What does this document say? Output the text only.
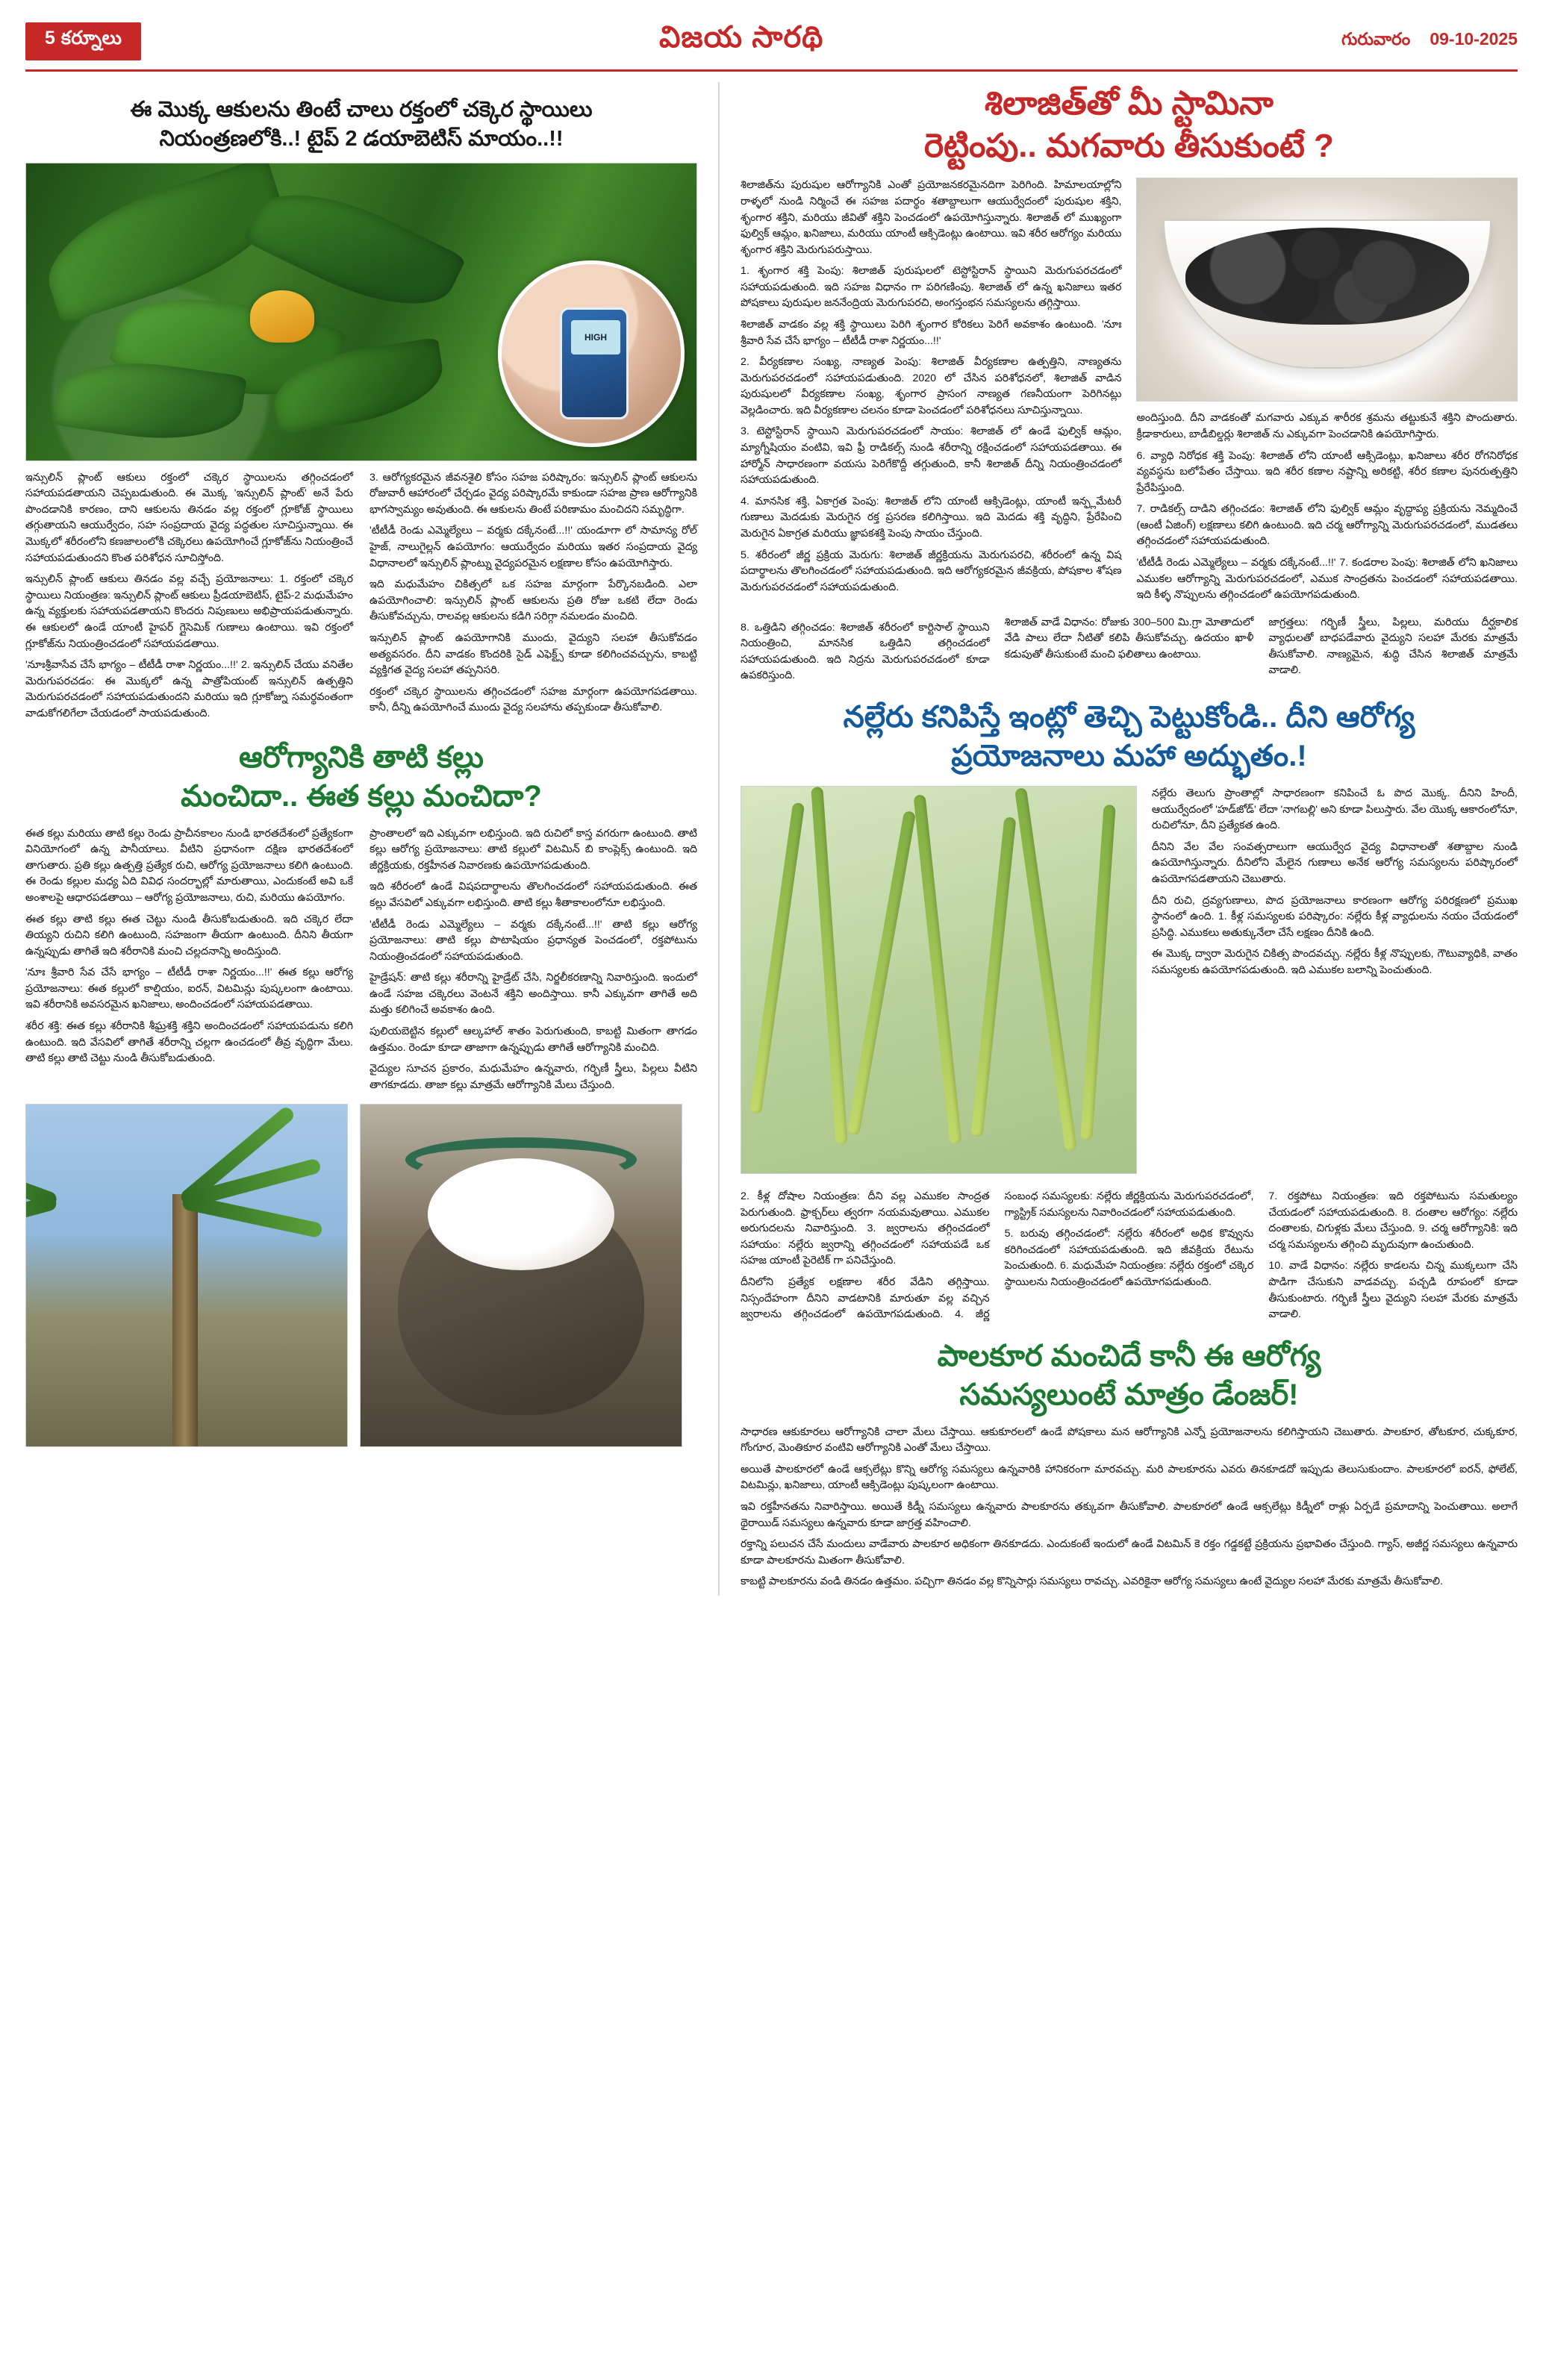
5 కర్నూలు	విజయ సారథి	గురువారం 09-10-2025
ఈ మొక్క ఆకులను తింటే చాలు రక్తంలో చక్కెర స్థాయిలు
నియంత్రణలోకి..! టైప్ 2 డయాబెటిస్ మాయం..!!
HIGH

ఇన్సులిన్ ప్లాంట్ ఆకులు రక్తంలో చక్కెర స్థాయిలను తగ్గించడంలో సహాయపడతాయని చెప్పబడుతుంది. ఈ మొక్క 'ఇన్సులిన్ ప్లాంట్' అనే పేరు పొందడానికి కారణం, దాని ఆకులను తినడం వల్ల రక్తంలో గ్లూకోజ్ స్థాయిలు తగ్గుతాయని ఆయుర్వేదం, సహ సంప్రదాయ వైద్య పద్ధతుల సూచిస్తున్నాయి. ఈ మొక్కలో శరీరంలోని కణజాలంలోకి చక్కెరలు ఉపయోగించే గ్లూకోజ్‌ను నియంత్రించే సహాయపడుతుందని కొంత పరిశోధన సూచిస్తోంది.

ఇన్సులిన్ ప్లాంట్ ఆకులు తినడం వల్ల వచ్చే ప్రయోజనాలు: 1. రక్తంలో చక్కెర స్థాయిలు నియంత్రణ: ఇన్సులిన్ ప్లాంట్ ఆకులు ప్రీడయాబెటిస్, టైప్-2 మధుమేహం ఉన్న వ్యక్తులకు సహాయపడతాయని కొందరు నిపుణులు అభిప్రాయపడుతున్నారు. ఈ ఆకులలో ఉండే యాంటీ హైపర్ గ్లైసెమిక్ గుణాలు ఉంటాయి. ఇవి రక్తంలో గ్లూకోజ్‌ను నియంత్రించడంలో సహాయపడతాయి.

'నూఃశ్రీవాసేవ చేసే భాగ్యం – టీటీడీ రాశా నిర్ణయం...!!' 2. ఇన్సులిన్ చేయు వనితేల మెరుగుపరచడం: ఈ మొక్కలో ఉన్న పాత్రోపియంట్ ఇన్సులిన్ ఉత్పత్తిని మెరుగుపరచడంలో సహాయపడుతుందని మరియు ఇది గ్లూకోజ్ను సమర్థవంతంగా వాడుకోగలిగేలా చేయడంలో సాయపడుతుంది.

3. ఆరోగ్యకరమైన జీవనశైలి కోసం సహజ పరిష్కారం: ఇన్సులిన్ ప్లాంట్ ఆకులను రోజువారీ ఆహారంలో చేర్చడం వైద్య పరిష్కారమే కాకుండా సహజ ప్రాణ ఆరోగ్యానికి భాగస్వామ్యం అవుతుంది. ఈ ఆకులను తింటే పరిణామం మంచిదని సమృద్ధిగా.

'టీటీడీ రెండు ఎమ్మెల్యేలు – వర్మకు దక్కేనంటే...!!' యండూగా లో సామాన్య రోల్ హైజ్, నాలుగైల్లన్ ఉపయోగం: ఆయుర్వేదం మరియు ఇతర సంప్రదాయ వైద్య విధానాలలో ఇన్సులిన్ ప్లాంట్ను వైద్యపరమైన లక్షణాల కోసం ఉపయోగిస్తారు.

ఇది మధుమేహం చికిత్సలో ఒక సహజ మార్గంగా పేర్కొనబడింది. ఎలా ఉపయోగించాలి: ఇన్సులిన్ ప్లాంట్ ఆకులను ప్రతి రోజు ఒకటి లేదా రెండు తీసుకోవచ్చును, రాలవల్ల ఆకులను కడిగి సరిగ్గా నమలడం మంచిది.

ఇన్సులిన్ ప్లాంట్ ఉపయోగానికి ముందు, వైద్యుని సలహా తీసుకోవడం అత్యవసరం. దీని వాడకం కొందరికి సైడ్ ఎఫెక్ట్స్ కూడా కలిగించవచ్చును, కాబట్టి వ్యక్తిగత వైద్య సలహా తప్పనిసరి.

రక్తంలో చక్కెర స్థాయిలను తగ్గించడంలో సహజ మార్గంగా ఉపయోగపడతాయి. కానీ, దీన్ని ఉపయోగించే ముందు వైద్య సలహాను తప్పకుండా తీసుకోవాలి.

ఆరోగ్యానికి తాటి కల్లు
మంచిదా.. ఈత కల్లు మంచిదా?

ఈత కల్లు మరియు తాటి కల్లు రెండు ప్రాచీనకాలం నుండి భారతదేశంలో ప్రత్యేకంగా వినియోగంలో ఉన్న పానీయాలు. వీటిని ప్రధానంగా దక్షిణ భారతదేశంలో తాగుతారు. ప్రతి కల్లు ఉత్పత్తి ప్రత్యేక రుచి, ఆరోగ్య ప్రయోజనాలు కలిగి ఉంటుంది. ఈ రెండు కల్లుల మధ్య ఏది వివిధ సందర్భాల్లో మారుతాయి, ఎందుకంటే అవి ఒకే అంశాలపై ఆధారపడతాయి – ఆరోగ్య ప్రయోజనాలు, రుచి, మరియు ఉపయోగం.

ఈత కల్లు తాటి కల్లు ఈత చెట్టు నుండి తీసుకోబడుతుంది. ఇది చక్కెర లేదా తియ్యని రుచిని కలిగి ఉంటుంది, సహజంగా తీయగా ఉంటుంది. దీనిని తీయగా ఉన్నప్పుడు తాగితే ఇది శరీరానికి మంచి చల్లదనాన్ని అందిస్తుంది.

'నూః శ్రీవారి సేవ చేసే భాగ్యం – టీటీడీ రాశా నిర్ణయం...!!' ఈత కల్లు ఆరోగ్య ప్రయోజనాలు: ఈత కల్లులో కాల్షియం, ఐరన్, విటమిన్లు పుష్కలంగా ఉంటాయి. ఇవి శరీరానికి అవసరమైన ఖనిజాలు, అందించడంలో సహాయపడతాయి.

శరీర శక్తి: ఈత కల్లు శరీరానికి శీఘ్రశక్తి శక్తిని అందించడంలో సహాయపడును కలిగి ఉంటుంది. ఇది వేసవిలో తాగితే శరీరాన్ని చల్లగా ఉంచడంలో తీవ్ర వృద్ధిగా మేలు. తాటి కల్లు తాటి చెట్టు నుండి తీసుకోబడుతుంది.

ప్రాంతాలలో ఇది ఎక్కువగా లభిస్తుంది. ఇది రుచిలో కాస్త వగరుగా ఉంటుంది. తాటి కల్లు ఆరోగ్య ప్రయోజనాలు: తాటి కల్లులో విటమిన్ బి కాంప్లెక్స్ ఉంటుంది. ఇది జీర్ణక్రియకు, రక్తహీనత నివారణకు ఉపయోగపడుతుంది.

ఇది శరీరంలో ఉండే విషపదార్థాలను తొలగించడంలో సహాయపడుతుంది. ఈత కల్లు వేసవిలో ఎక్కువగా లభిస్తుంది. తాటి కల్లు శీతాకాలంలోనూ లభిస్తుంది.

'టీటీడీ రెండు ఎమ్మెల్యేలు – వర్మకు దక్కేనంటే...!!' తాటి కల్లు ఆరోగ్య ప్రయోజనాలు: తాటి కల్లు పొటాషియం ప్రధాన్యత పెంచడంలో, రక్తపోటును నియంత్రించడంలో సహాయపడుతుంది.

హైడ్రేషన్: తాటి కల్లు శరీరాన్ని హైడ్రేట్ చేసి, నిర్జలీకరణాన్ని నివారిస్తుంది. ఇందులో ఉండే సహజ చక్కెరలు వెంటనే శక్తిని అందిస్తాయి. కానీ ఎక్కువగా తాగితే అది మత్తు కలిగించే అవకాశం ఉంది.

పులియబెట్టిన కల్లులో ఆల్కహాల్ శాతం పెరుగుతుంది, కాబట్టి మితంగా తాగడం ఉత్తమం. రెండూ కూడా తాజాగా ఉన్నప్పుడు తాగితే ఆరోగ్యానికి మంచిది.

వైద్యుల సూచన ప్రకారం, మధుమేహం ఉన్నవారు, గర్భిణీ స్త్రీలు, పిల్లలు వీటిని తాగకూడదు. తాజా కల్లు మాత్రమే ఆరోగ్యానికి మేలు చేస్తుంది.

శిలాజిత్‌తో మీ స్టామినా
రెట్టింపు.. మగవారు తీసుకుంటే ?

శిలాజిత్‌ను పురుషుల ఆరోగ్యానికి ఎంతో ప్రయోజనకరమైనదిగా పెరిగింది. హిమాలయాల్లోని రాళ్ళలో నుండి నిర్మించే ఈ సహజ పదార్థం శతాబ్దాలుగా ఆయుర్వేదంలో పురుషుల శక్తిని, శృంగార శక్తిని, మరియు జీవితో శక్తిని పెంచడంలో ఉపయోగిస్తున్నారు. శిలాజిత్ లో ముఖ్యంగా ఫుల్విక్ ఆమ్లం, ఖనిజాలు, మరియు యాంటీ ఆక్సిడెంట్లు ఉంటాయి. ఇవి శరీర ఆరోగ్యం మరియు శృంగార శక్తిని మెరుగుపరుస్తాయి.

1. శృంగార శక్తి పెంపు: శిలాజిత్ పురుషులలో టెస్టోస్టిరాన్ స్థాయిని మెరుగుపరచడంలో సహాయపడుతుంది. ఇది సహజ విధానం గా పరిగణింపు. శిలాజిత్ లో ఉన్న ఖనిజాలు ఇతర పోషకాలు పురుషుల జననేంద్రియ మెరుగుపరచి, అంగస్తంభన సమస్యలను తగ్గిస్తాయి.

శిలాజిత్ వాడకం వల్ల శక్తి స్థాయిలు పెరిగి శృంగార కోరికలు పెరిగే అవకాశం ఉంటుంది. 'నూః శ్రీవారి సేవ చేసే భాగ్యం – టీటీడీ రాశా నిర్ణయం...!!'

2. వీర్యకణాల సంఖ్య, నాణ్యత పెంపు: శిలాజిత్ వీర్యకణాల ఉత్పత్తిని, నాణ్యతను మెరుగుపరచడంలో సహాయపడుతుంది. 2020 లో చేసిన పరిశోధనలో, శిలాజిత్ వాడిన పురుషులలో వీర్యకణాల సంఖ్య, శృంగార ప్రాసంగ నాణ్యత గణనీయంగా పెరిగినట్లు వెల్లడించారు. ఇది వీర్యకణాల చలనం కూడా పెంచడంలో పరిశోధనలు సూచిస్తున్నాయి.

3. టెస్టోస్టిరాన్ స్థాయిని మెరుగుపరచడంలో సాయం: శిలాజిత్ లో ఉండే ఫుల్విక్ ఆమ్లం, మ్యాగ్నీషియం వంటివి, ఇవి ఫ్రీ రాడికల్స్ నుండి శరీరాన్ని రక్షించడంలో సహాయపడతాయి. ఈ హార్మోన్ సాధారణంగా వయసు పెరిగేకొద్దీ తగ్గుతుంది, కానీ శిలాజిత్ దీన్ని నియంత్రించడంలో సహాయపడుతుంది.

4. మానసిక శక్తి, ఏకాగ్రత పెంపు: శిలాజిత్ లోని యాంటీ ఆక్సిడెంట్లు, యాంటీ ఇన్ఫ్లమేటరీ గుణాలు మెదడుకు మెరుగైన రక్త ప్రసరణ కలిగిస్తాయి. ఇది మెదడు శక్తి వృద్ధిని, ప్రేరేపించి మెరుగైన ఏకాగ్రత మరియు జ్ఞాపకశక్తి పెంపు సాయం చేస్తుంది.

5. శరీరంలో జీర్ణ ప్రక్రియ మెరుగు: శిలాజిత్ జీర్ణక్రియను మెరుగుపరచి, శరీరంలో ఉన్న విష పదార్థాలను తొలగించడంలో సహాయపడుతుంది. ఇది ఆరోగ్యకరమైన జీవక్రియ, పోషకాల శోషణ మెరుగుపరచడంలో సహాయపడుతుంది.

అందిస్తుంది. దీని వాడకంతో మగవారు ఎక్కువ శారీరక శ్రమను తట్టుకునే శక్తిని పొందుతారు. క్రీడాకారులు, బాడీబిల్డర్లు శిలాజిత్ ను ఎక్కువగా పెంచడానికి ఉపయోగిస్తారు.

6. వ్యాధి నిరోధక శక్తి పెంపు: శిలాజిత్ లోని యాంటీ ఆక్సిడెంట్లు, ఖనిజాలు శరీర రోగనిరోధక వ్యవస్థను బలోపేతం చేస్తాయి. ఇది శరీర కణాల నష్టాన్ని అరికట్టి, శరీర కణాల పునరుత్పత్తిని ప్రేరేపిస్తుంది.

7. రాడికల్స్ దాడిని తగ్గించడం: శిలాజిత్ లోని ఫుల్విక్ ఆమ్లం వృద్ధాప్య ప్రక్రియను నెమ్మదించే (ఆంటీ ఏజింగ్) లక్షణాలు కలిగి ఉంటుంది. ఇది చర్మ ఆరోగ్యాన్ని మెరుగుపరచడంలో, ముడతలు తగ్గించడంలో సహాయపడుతుంది.

'టీటీడీ రెండు ఎమ్మెల్యేలు – వర్మకు దక్కేనంటే...!!' 7. కండరాల పెంపు: శిలాజిత్ లోని ఖనిజాలు ఎముకల ఆరోగ్యాన్ని మెరుగుపరచడంలో, ఎముక సాంద్రతను పెంచడంలో సహాయపడతాయి. ఇది కీళ్ళ నొప్పులను తగ్గించడంలో ఉపయోగపడుతుంది.

8. ఒత్తిడిని తగ్గించడం: శిలాజిత్ శరీరంలో కార్టిసాల్ స్థాయిని నియంత్రించి, మానసిక ఒత్తిడిని తగ్గించడంలో సహాయపడుతుంది. ఇది నిద్రను మెరుగుపరచడంలో కూడా ఉపకరిస్తుంది.

శిలాజిత్ వాడే విధానం: రోజుకు 300–500 మి.గ్రా మోతాదులో వేడి పాలు లేదా నీటితో కలిపి తీసుకోవచ్చు. ఉదయం ఖాళీ కడుపుతో తీసుకుంటే మంచి ఫలితాలు ఉంటాయి.

జాగ్రత్తలు: గర్భిణీ స్త్రీలు, పిల్లలు, మరియు దీర్ఘకాలిక వ్యాధులతో బాధపడేవారు వైద్యుని సలహా మేరకు మాత్రమే తీసుకోవాలి. నాణ్యమైన, శుద్ధి చేసిన శిలాజిత్ మాత్రమే వాడాలి.

నల్లేరు కనిపిస్తే ఇంట్లో తెచ్చి పెట్టుకోండి.. దీని ఆరోగ్య
ప్రయోజనాలు మహా అద్భుతం.!

నల్లేరు తెలుగు ప్రాంతాల్లో సాధారణంగా కనిపించే ఓ పొద మొక్క. దీనిని హిందీ, ఆయుర్వేదంలో 'హడ్‌జోడ్' లేదా 'నాగబల్లి' అని కూడా పిలుస్తారు. వేల యొక్క ఆకారంలోనూ, రుచిలోనూ, దీని ప్రత్యేకత ఉంది.

దీనిని వేల వేల సంవత్సరాలుగా ఆయుర్వేద వైద్య విధానాలతో శతాబ్దాల నుండి ఉపయోగిస్తున్నారు. దీనిలోని మేలైన గుణాలు అనేక ఆరోగ్య సమస్యలను పరిష్కారంలో ఉపయోగపడతాయని చెబుతారు.

దీని రుచి, ద్రవ్యగుణాలు, పొద ప్రయోజనాలు కారణంగా ఆరోగ్య పరిరక్షణలో ప్రముఖ స్థానంలో ఉంది. 1. కీళ్ల సమస్యలకు పరిష్కారం: నల్లేరు కీళ్ల వ్యాధులను నయం చేయడంలో ప్రసిద్ధి. ఎముకలు అతుక్కునేలా చేసే లక్షణం దీనికి ఉంది.

ఈ మొక్క ద్వారా మెరుగైన చికిత్స పొందవచ్చు. నల్లేరు కీళ్ల నొప్పులకు, గౌటువ్యాధికి, వాతం సమస్యలకు ఉపయోగపడుతుంది. ఇది ఎముకల బలాన్ని పెంచుతుంది.

2. కీళ్ల దోషాల నియంత్రణ: దీని వల్ల ఎముకల సాంద్రత పెరుగుతుంది. ఫ్రాక్చర్‌లు త్వరగా నయమవుతాయి. ఎముకల అరుగుదలను నివారిస్తుంది. 3. జ్వరాలను తగ్గించడంలో సహాయం: నల్లేరు జ్వరాన్ని తగ్గించడంలో సహాయపడే ఒక సహజ యాంటీ పైరెటిక్ గా పనిచేస్తుంది.

దీనిలోని ప్రత్యేక లక్షణాల శరీర వేడిని తగ్గిస్తాయి. నిస్సందేహంగా దీనిని వాడటానికి మారుతూ వల్ల వచ్చిన జ్వరాలను తగ్గించడంలో ఉపయోగపడుతుంది. 4. జీర్ణ సంబంధ సమస్యలకు: నల్లేరు జీర్ణక్రియను మెరుగుపరచడంలో, గ్యాస్ట్రిక్ సమస్యలను నివారించడంలో సహాయపడుతుంది.

5. బరువు తగ్గించడంలో: నల్లేరు శరీరంలో అధిక కొవ్వును కరిగించడంలో సహాయపడుతుంది. ఇది జీవక్రియ రేటును పెంచుతుంది. 6. మధుమేహ నియంత్రణ: నల్లేరు రక్తంలో చక్కెర స్థాయిలను నియంత్రించడంలో ఉపయోగపడుతుంది.

7. రక్తపోటు నియంత్రణ: ఇది రక్తపోటును సమతుల్యం చేయడంలో సహాయపడుతుంది. 8. దంతాల ఆరోగ్యం: నల్లేరు దంతాలకు, చిగుళ్లకు మేలు చేస్తుంది. 9. చర్మ ఆరోగ్యానికి: ఇది చర్మ సమస్యలను తగ్గించి మృదువుగా ఉంచుతుంది.

10. వాడే విధానం: నల్లేరు కాడలను చిన్న ముక్కలుగా చేసి పొడిగా చేసుకుని వాడవచ్చు. పచ్చడి రూపంలో కూడా తీసుకుంటారు. గర్భిణీ స్త్రీలు వైద్యుని సలహా మేరకు మాత్రమే వాడాలి.

పాలకూర మంచిదే కానీ ఈ ఆరోగ్య
సమస్యలుంటే మాత్రం డేంజర్!

సాధారణ ఆకుకూరలు ఆరోగ్యానికి చాలా మేలు చేస్తాయి. ఆకుకూరలలో ఉండే పోషకాలు మన ఆరోగ్యానికి ఎన్నో ప్రయోజనాలను కలిగిస్తాయని చెబుతారు. పాలకూర, తోటకూర, చుక్కకూర, గోంగూర, మెంతికూర వంటివి ఆరోగ్యానికి ఎంతో మేలు చేస్తాయి.

అయితే పాలకూరలో ఉండే ఆక్సలేట్లు కొన్ని ఆరోగ్య సమస్యలు ఉన్నవారికి హానికరంగా మారవచ్చు. మరి పాలకూరను ఎవరు తినకూడదో ఇప్పుడు తెలుసుకుందాం. పాలకూరలో ఐరన్, ఫోలేట్, విటమిన్లు, ఖనిజాలు, యాంటీ ఆక్సిడెంట్లు పుష్కలంగా ఉంటాయి.

ఇవి రక్తహీనతను నివారిస్తాయి. అయితే కిడ్నీ సమస్యలు ఉన్నవారు పాలకూరను తక్కువగా తీసుకోవాలి. పాలకూరలో ఉండే ఆక్సలేట్లు కిడ్నీలో రాళ్లు ఏర్పడే ప్రమాదాన్ని పెంచుతాయి. అలాగే థైరాయిడ్ సమస్యలు ఉన్నవారు కూడా జాగ్రత్త వహించాలి.

రక్తాన్ని పలుచన చేసే మందులు వాడేవారు పాలకూర అధికంగా తినకూడదు. ఎందుకంటే ఇందులో ఉండే విటమిన్ కె రక్తం గడ్డకట్టే ప్రక్రియను ప్రభావితం చేస్తుంది. గ్యాస్, అజీర్ణ సమస్యలు ఉన్నవారు కూడా పాలకూరను మితంగా తీసుకోవాలి.

కాబట్టి పాలకూరను వండి తినడం ఉత్తమం. పచ్చిగా తినడం వల్ల కొన్నిసార్లు సమస్యలు రావచ్చు. ఎవరికైనా ఆరోగ్య సమస్యలు ఉంటే వైద్యుల సలహా మేరకు మాత్రమే తీసుకోవాలి.
